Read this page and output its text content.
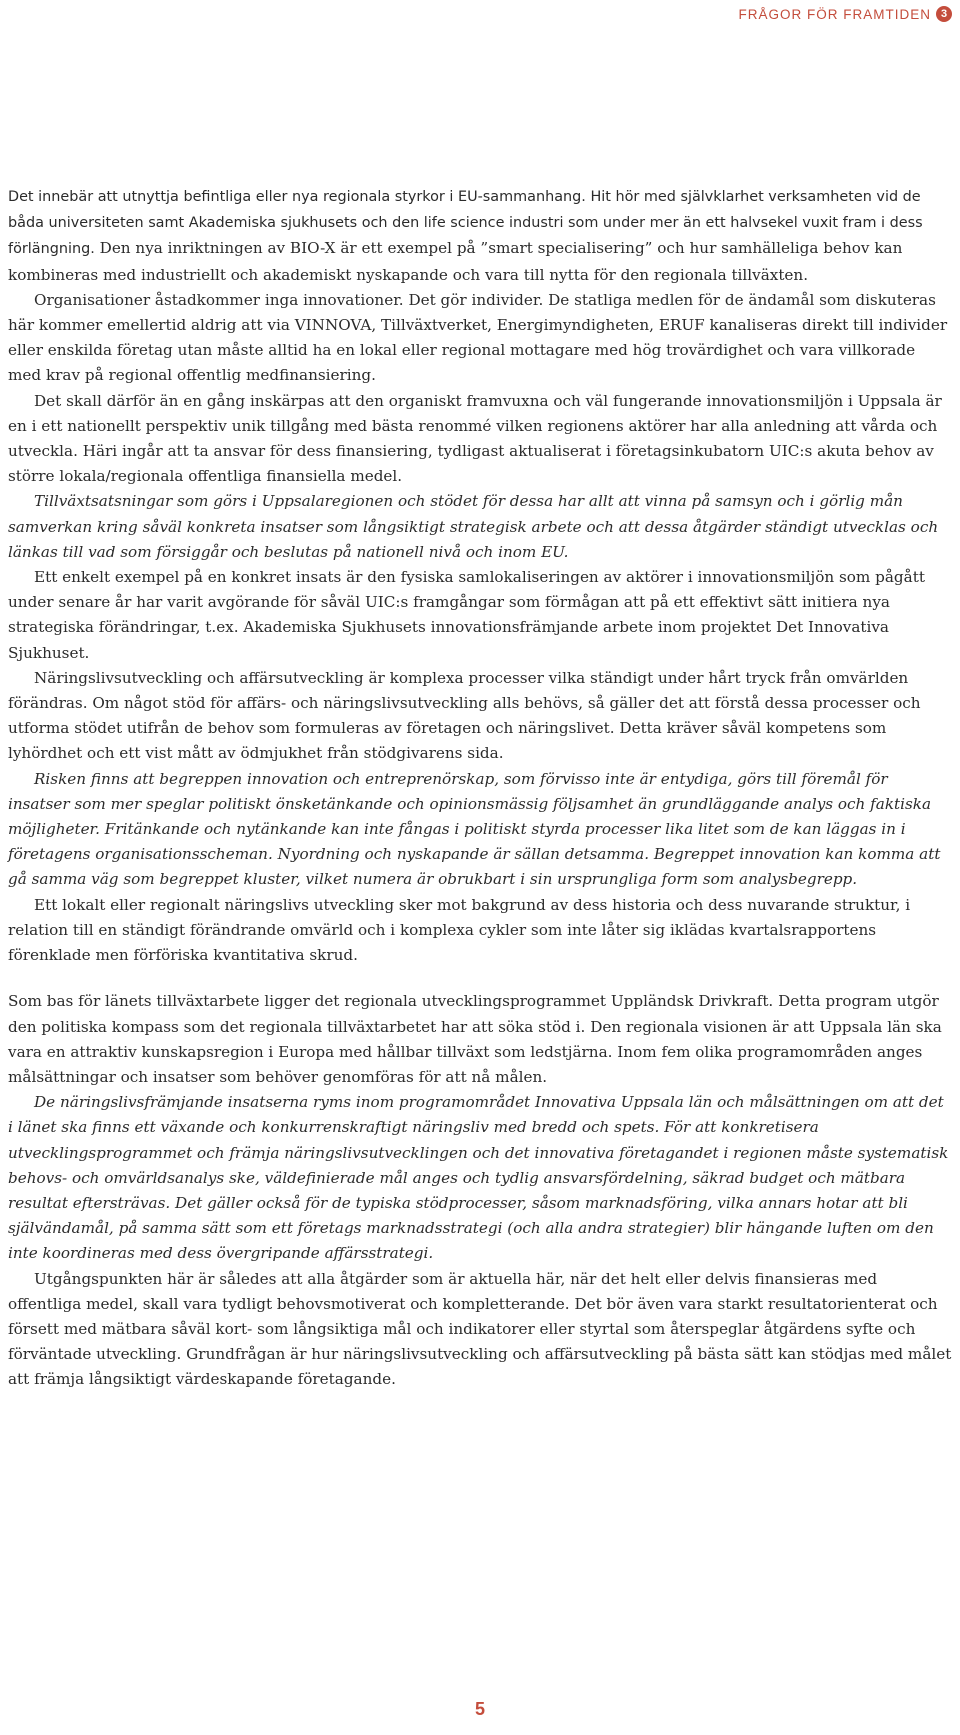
FRÅGOR FÖR FRAMTIDEN 3

Det innebär att utnyttja befintliga eller nya regionala styrkor i EU-sammanhang. Hit hör med självklarhet verksamheten vid de båda universiteten samt Akademiska sjukhusets och den life science industri som under mer än ett halvsekel vuxit fram i dess förlängning. Den nya inriktningen av BIO-X är ett exempel på ”smart specialisering” och hur samhälleliga behov kan kombineras med industriellt och akademiskt nyskapande och vara till nytta för den regionala tillväxten.

Organisationer åstadkommer inga innovationer. Det gör individer. De statliga medlen för de ändamål som diskuteras här kommer emellertid aldrig att via VINNOVA, Tillväxtverket, Energimyndigheten, ERUF kanaliseras direkt till individer eller enskilda företag utan måste alltid ha en lokal eller regional mottagare med hög trovärdighet och vara villkorade med krav på regional offentlig medfinansiering.

Det skall därför än en gång inskärpas att den organiskt framvuxna och väl fungerande innovationsmiljön i Uppsala är en i ett nationellt perspektiv unik tillgång med bästa renommé vilken regionens aktörer har alla anledning att vårda och utveckla. Häri ingår att ta ansvar för dess finansiering, tydligast aktualiserat i företagsinkubatorn UIC:s akuta behov av större lokala/regionala offentliga finansiella medel.

Tillväxtsatsningar som görs i Uppsalaregionen och stödet för dessa har allt att vinna på samsyn och i görlig mån samverkan kring såväl konkreta insatser som långsiktigt strategisk arbete och att dessa åtgärder ständigt utvecklas och länkas till vad som försiggår och beslutas på nationell nivå och inom EU.

Ett enkelt exempel på en konkret insats är den fysiska samlokaliseringen av aktörer i innovationsmiljön som pågått under senare år har varit avgörande för såväl UIC:s framgångar som förmågan att på ett effektivt sätt initiera nya strategiska förändringar, t.ex. Akademiska Sjukhusets innovationsfrämjande arbete inom projektet Det Innovativa Sjukhuset.

Näringslivsutveckling och affärsutveckling är komplexa processer vilka ständigt under hårt tryck från omvärlden förändras. Om något stöd för affärs- och näringslivsutveckling alls behövs, så gäller det att förstå dessa processer och utforma stödet utifrån de behov som formuleras av företagen och näringslivet. Detta kräver såväl kompetens som lyhördhet och ett vist mått av ödmjukhet från stödgivarens sida.

Risken finns att begreppen innovation och entreprenörskap, som förvisso inte är entydiga, görs till föremål för insatser som mer speglar politiskt önsketänkande och opinionsmässig följsamhet än grundläggande analys och faktiska möjligheter. Fritänkande och nytänkande kan inte fångas i politiskt styrda processer lika litet som de kan läggas in i företagens organisationsscheman. Nyordning och nyskapande är sällan detsamma. Begreppet innovation kan komma att gå samma väg som begreppet kluster, vilket numera är obrukbart i sin ursprungliga form som analysbegrepp.

Ett lokalt eller regionalt näringslivs utveckling sker mot bakgrund av dess historia och dess nuvarande struktur, i relation till en ständigt förändrande omvärld och i komplexa cykler som inte låter sig iklädas kvartalsrapportens förenklade men förföriska kvantitativa skrud.

Som bas för länets tillväxtarbete ligger det regionala utvecklingsprogrammet Uppländsk Drivkraft. Detta program utgör den politiska kompass som det regionala tillväxtarbetet har att söka stöd i. Den regionala visionen är att Uppsala län ska vara en attraktiv kunskapsregion i Europa med hållbar tillväxt som ledstjärna. Inom fem olika programområden anges målsättningar och insatser som behöver genomföras för att nå målen.

De näringslivsfrämjande insatserna ryms inom programområdet Innovativa Uppsala län och målsättningen om att det i länet ska finns ett växande och konkurrenskraftigt näringsliv med bredd och spets. För att konkretisera utvecklingsprogrammet och främja näringslivsutvecklingen och det innovativa företagandet i regionen måste systematisk behovs- och omvärldsanalys ske, väldefinierade mål anges och tydlig ansvarsfördelning, säkrad budget och mätbara resultat eftersträvas. Det gäller också för de typiska stödprocesser, såsom marknadsföring, vilka annars hotar att bli självändamål, på samma sätt som ett företags marknadsstrategi (och alla andra strategier) blir hängande luften om den inte koordineras med dess övergripande affärsstrategi.

Utgångspunkten här är således att alla åtgärder som är aktuella här, när det helt eller delvis finansieras med offentliga medel, skall vara tydligt behovsmotiverat och kompletterande. Det bör även vara starkt resultatorienterat och försett med mätbara såväl kort- som långsiktiga mål och indikatorer eller styrtal som återspeglar åtgärdens syfte och förväntade utveckling. Grundfrågan är hur näringslivsutveckling och affärsutveckling på bästa sätt kan stödjas med målet att främja långsiktigt värdeskapande företagande.

5
